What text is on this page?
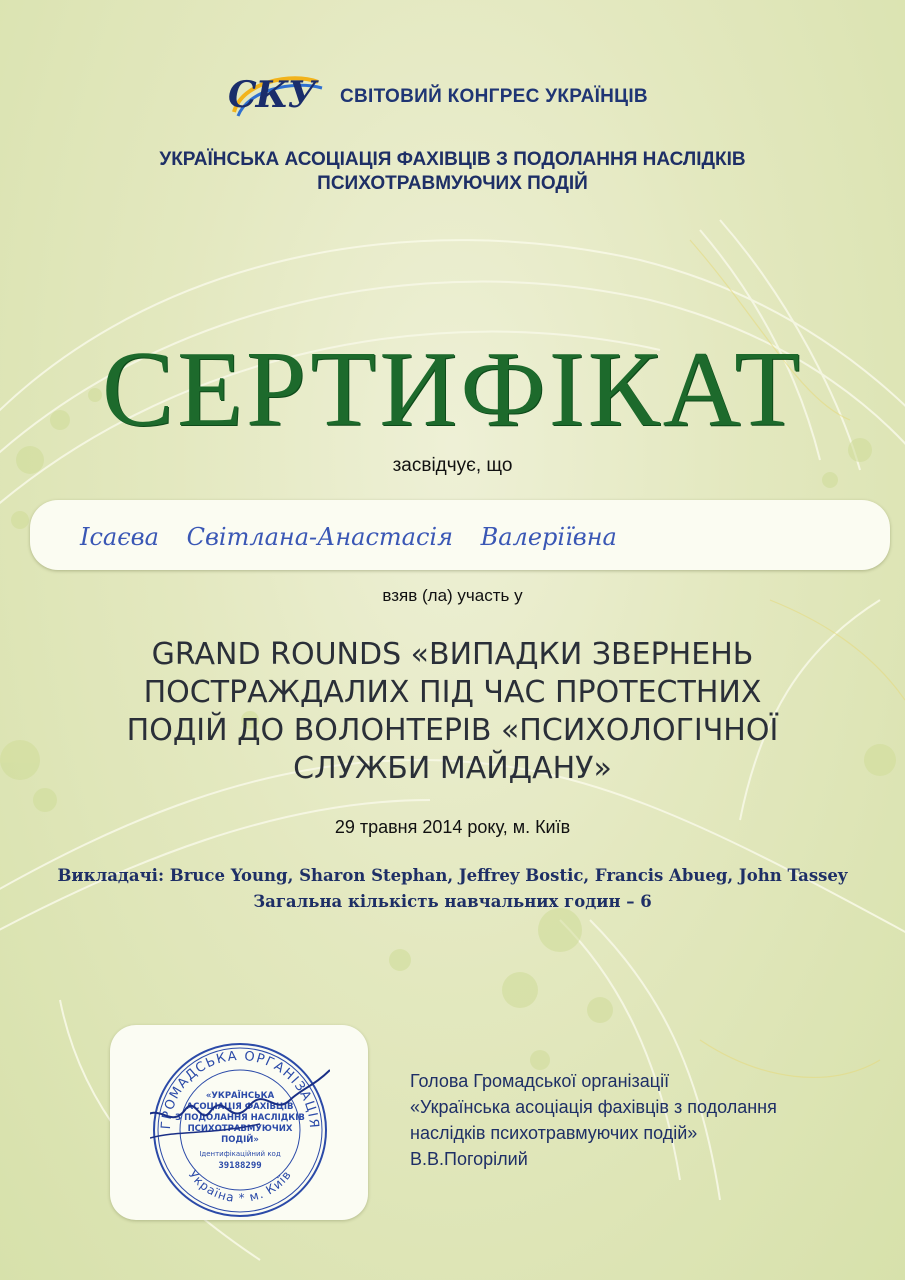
СКУ СВІТОВИЙ КОНГРЕС УКРАЇНЦІВ
УКРАЇНСЬКА АСОЦІАЦІЯ ФАХІВЦІВ З ПОДОЛАННЯ НАСЛІДКІВ
ПСИХОТРАВМУЮЧИХ ПОДІЙ
СЕРТИФІКАТ
засвідчує, що
Ісаєва Світлана-Анастасія Валеріївна
взяв (ла) участь у
GRAND ROUNDS «ВИПАДКИ ЗВЕРНЕНЬ
ПОСТРАЖДАЛИХ ПІД ЧАС ПРОТЕСТНИХ
ПОДІЙ ДО ВОЛОНТЕРІВ «ПСИХОЛОГІЧНОЇ
СЛУЖБИ МАЙДАНУ»
29 травня 2014 року, м. Київ
Викладачі: Bruce Young, Sharon Stephan, Jeffrey Bostic, Francis Abueg, John Tassey
Загальна кількість навчальних годин – 6
ГРОМАДСЬКА ОРГАНІЗАЦІЯ
Україна * м. Київ
«УКРАЇНСЬКА
АСОЦІАЦІЯ ФАХІВЦІВ
З ПОДОЛАННЯ НАСЛІДКІВ
ПСИХОТРАВМУЮЧИХ
ПОДІЙ»
Ідентифікаційний код
39188299
Голова Громадської організації
«Українська асоціація фахівців з подолання
наслідків психотравмуючих подій»
В.В.Погорілий
